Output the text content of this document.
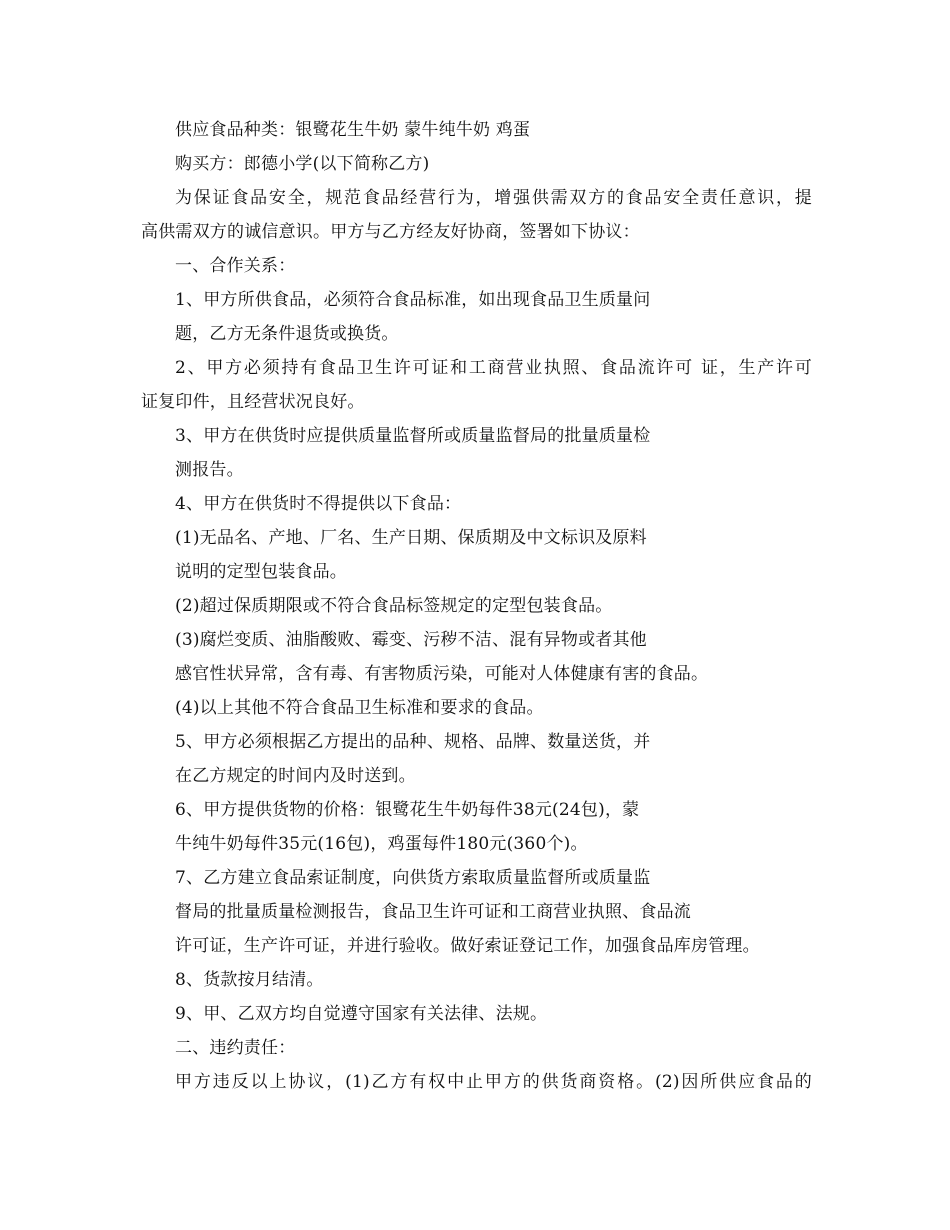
供应食品种类：银鹭花生牛奶 蒙牛纯牛奶 鸡蛋
购买方：郎德小学(以下简称乙方)
为保证食品安全，规范食品经营行为，增强供需双方的食品安全责任意识，提
高供需双方的诚信意识。甲方与乙方经友好协商，签署如下协议：
一、合作关系：
1、甲方所供食品，必须符合食品标准，如出现食品卫生质量问
题，乙方无条件退货或换货。
2、甲方必须持有食品卫生许可证和工商营业执照、食品流许可 证，生产许可
证复印件，且经营状况良好。
3、甲方在供货时应提供质量监督所或质量监督局的批量质量检
测报告。
4、甲方在供货时不得提供以下食品：
(1)无品名、产地、厂名、生产日期、保质期及中文标识及原料
说明的定型包装食品。
(2)超过保质期限或不符合食品标签规定的定型包装食品。
(3)腐烂变质、油脂酸败、霉变、污秽不洁、混有异物或者其他
感官性状异常，含有毒、有害物质污染，可能对人体健康有害的食品。
(4)以上其他不符合食品卫生标准和要求的食品。
5、甲方必须根据乙方提出的品种、规格、品牌、数量送货，并
在乙方规定的时间内及时送到。
6、甲方提供货物的价格：银鹭花生牛奶每件38元(24包)，蒙
牛纯牛奶每件35元(16包)，鸡蛋每件180元(360个)。
7、乙方建立食品索证制度，向供货方索取质量监督所或质量监
督局的批量质量检测报告，食品卫生许可证和工商营业执照、食品流
许可证，生产许可证，并进行验收。做好索证登记工作，加强食品库房管理。
8、货款按月结清。
9、甲、乙双方均自觉遵守国家有关法律、法规。
二、违约责任：
甲方违反以上协议，(1)乙方有权中止甲方的供货商资格。(2)因所供应食品的
